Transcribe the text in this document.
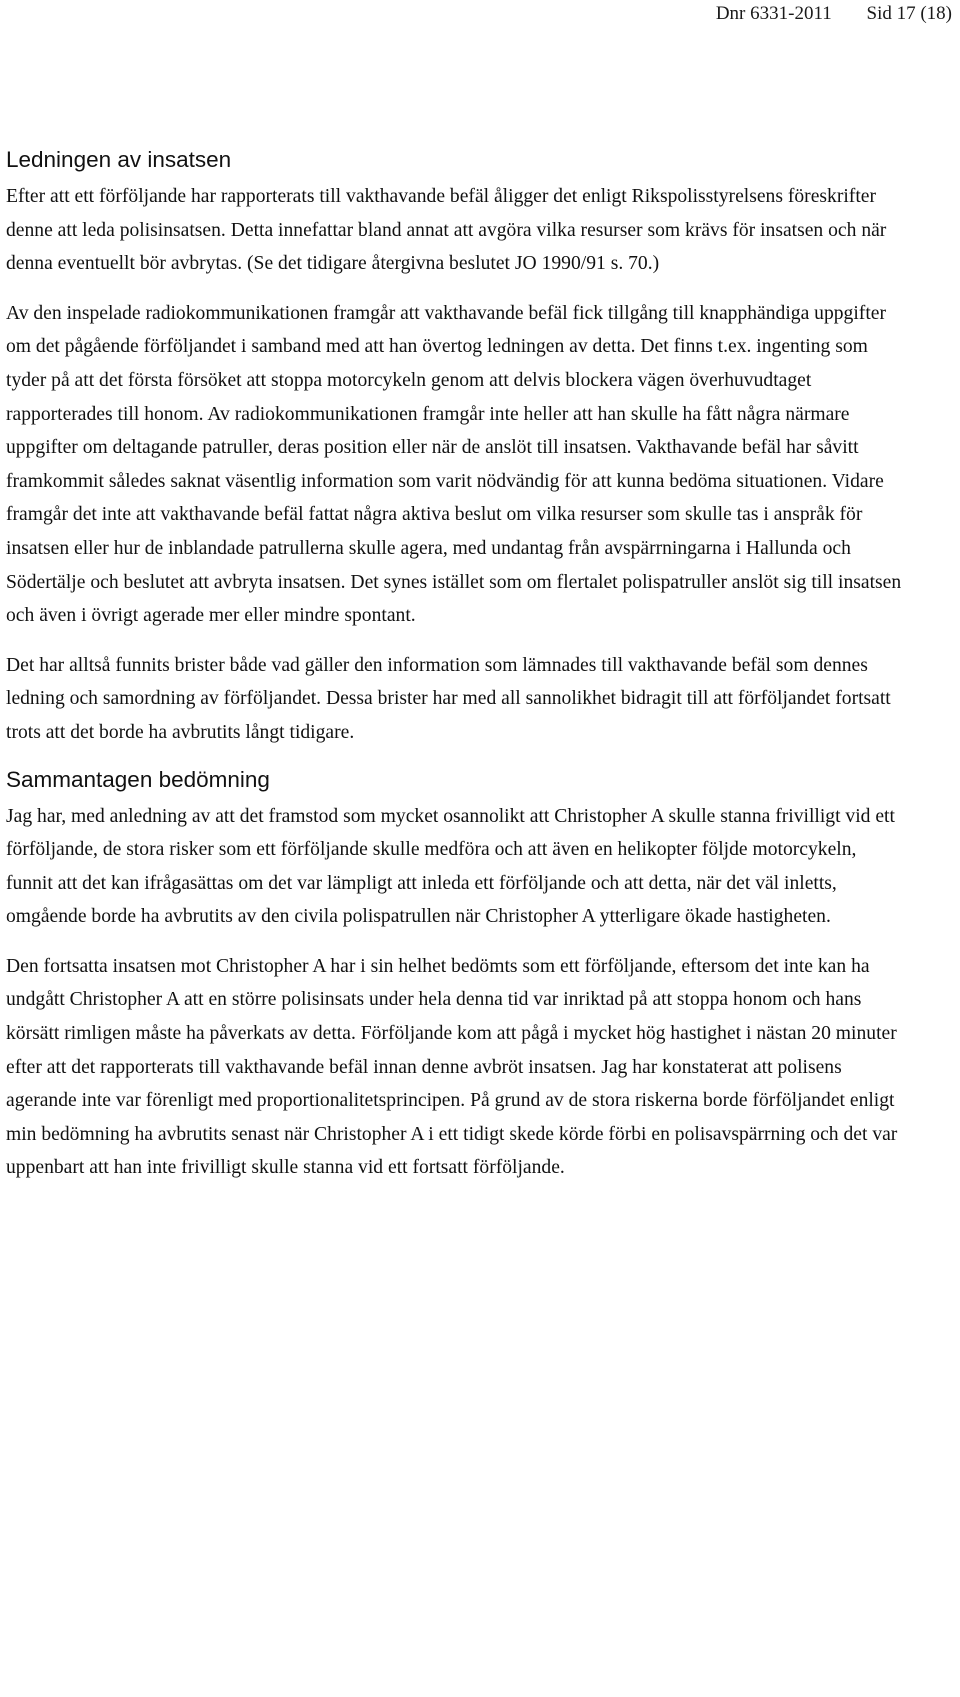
Dnr 6331-2011 Sid 17 (18)
Ledningen av insatsen

Efter att ett förföljande har rapporterats till vakthavande befäl åligger det enligt Rikspolisstyrelsens föreskrifter denne att leda polisinsatsen. Detta innefattar bland annat att avgöra vilka resurser som krävs för insatsen och när denna eventuellt bör avbrytas. (Se det tidigare återgivna beslutet JO 1990/91 s. 70.)

Av den inspelade radiokommunikationen framgår att vakthavande befäl fick tillgång till knapphändiga uppgifter om det pågående förföljandet i samband med att han övertog ledningen av detta. Det finns t.ex. ingenting som tyder på att det första försöket att stoppa motorcykeln genom att delvis blockera vägen överhuvudtaget rapporterades till honom. Av radiokommunikationen framgår inte heller att han skulle ha fått några närmare uppgifter om deltagande patruller, deras position eller när de anslöt till insatsen. Vakthavande befäl har såvitt framkommit således saknat väsentlig information som varit nödvändig för att kunna bedöma situationen. Vidare framgår det inte att vakthavande befäl fattat några aktiva beslut om vilka resurser som skulle tas i anspråk för insatsen eller hur de inblandade patrullerna skulle agera, med undantag från avspärrningarna i Hallunda och Södertälje och beslutet att avbryta insatsen. Det synes istället som om flertalet polispatruller anslöt sig till insatsen och även i övrigt agerade mer eller mindre spontant.

Det har alltså funnits brister både vad gäller den information som lämnades till vakthavande befäl som dennes ledning och samordning av förföljandet. Dessa brister har med all sannolikhet bidragit till att förföljandet fortsatt trots att det borde ha avbrutits långt tidigare.

Sammantagen bedömning

Jag har, med anledning av att det framstod som mycket osannolikt att Christopher A skulle stanna frivilligt vid ett förföljande, de stora risker som ett förföljande skulle medföra och att även en helikopter följde motorcykeln, funnit att det kan ifrågasättas om det var lämpligt att inleda ett förföljande och att detta, när det väl inletts, omgående borde ha avbrutits av den civila polispatrullen när Christopher A ytterligare ökade hastigheten.

Den fortsatta insatsen mot Christopher A har i sin helhet bedömts som ett förföljande, eftersom det inte kan ha undgått Christopher A att en större polisinsats under hela denna tid var inriktad på att stoppa honom och hans körsätt rimligen måste ha påverkats av detta. Förföljande kom att pågå i mycket hög hastighet i nästan 20 minuter efter att det rapporterats till vakthavande befäl innan denne avbröt insatsen. Jag har konstaterat att polisens agerande inte var förenligt med proportionalitetsprincipen. På grund av de stora riskerna borde förföljandet enligt min bedömning ha avbrutits senast när Christopher A i ett tidigt skede körde förbi en polisavspärrning och det var uppenbart att han inte frivilligt skulle stanna vid ett fortsatt förföljande.
